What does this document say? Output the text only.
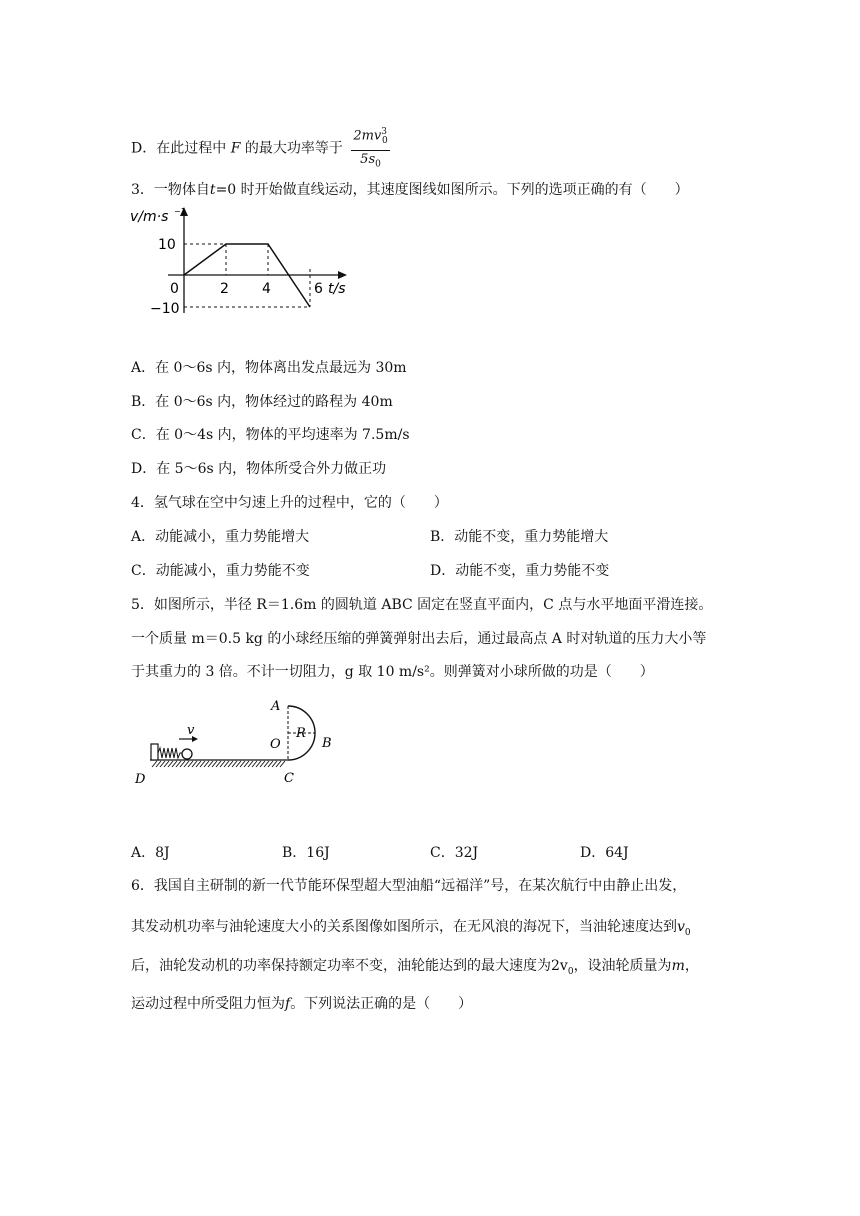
D．在此过程中 F 的最大功率等于 $\frac{2mv^3_0}{5s_0}$
3．一物体自t=0 时开始做直线运动，其速度图线如图所示。下列的选项正确的有（　　）
v/m·s −1
t/s
10
0
−10
2 4	6
A．在 0～6s 内，物体离出发点最远为 30m
B．在 0～6s 内，物体经过的路程为 40m
C．在 0～4s 内，物体的平均速率为 7.5m/s
D．在 5～6s 内，物体所受合外力做正功
4．氢气球在空中匀速上升的过程中，它的（　　）
A．动能减小，重力势能增大	B．动能不变，重力势能增大
C．动能减小，重力势能不变	D．动能不变，重力势能不变
5．如图所示，半径 R＝1.6m 的圆轨道 ABC 固定在竖直平面内，C 点与水平地面平滑连接。
一个质量 m＝0.5 kg 的小球经压缩的弹簧弹射出去后，通过最高点 A 时对轨道的压力大小等
于其重力的 3 倍。不计一切阻力，g 取 10 m/s²。则弹簧对小球所做的功是（　　）
v
A
O
R
B
C
D
A．8J	B．16J	C．32J	D．64J
6．我国自主研制的新一代节能环保型超大型油船“远福洋”号，在某次航行中由静止出发，
其发动机功率与油轮速度大小的关系图像如图所示，在无风浪的海况下，当油轮速度达到$v_0$
后，油轮发动机的功率保持额定功率不变，油轮能达到的最大速度为$2v_0$，设油轮质量为m，
运动过程中所受阻力恒为f。下列说法正确的是（　　）
